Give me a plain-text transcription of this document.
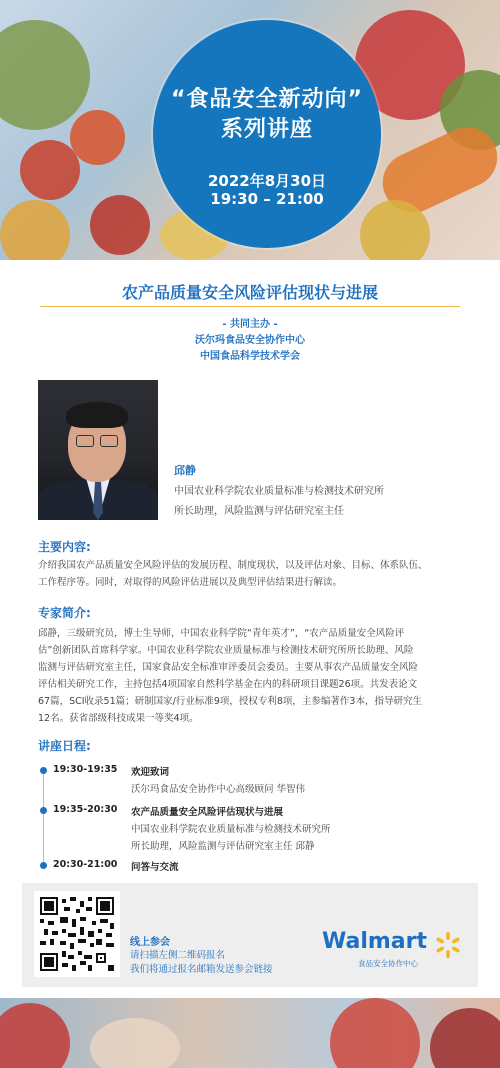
“食品安全新动向”
系列讲座
2022年8月30日
19:30 – 21:00
农产品质量安全风险评估现状与进展
- 共同主办 -
沃尔玛食品安全协作中心
中国食品科学技术学会
邱静
中国农业科学院农业质量标准与检测技术研究所
所长助理，风险监测与评估研究室主任
主要内容:
介绍我国农产品质量安全风险评估的发展历程、制度现状，以及评估对象、目标、体系队伍、
工作程序等。同时，对取得的风险评估进展以及典型评估结果进行解读。
专家简介:
邱静，三级研究员，博士生导师，中国农业科学院“青年英才”，“农产品质量安全风险评
估”创新团队首席科学家。中国农业科学院农业质量标准与检测技术研究所所长助理、风险
监测与评估研究室主任，国家食品安全标准审评委员会委员。主要从事农产品质量安全风险
评估相关研究工作，主持包括4项国家自然科学基金在内的科研项目课题26项。共发表论文
67篇，SCI收录51篇；研制国家/行业标准9项，授权专利8项，主参编著作3本，指导研究生
12名。获省部级科技成果一等奖4项。
讲座日程:
19:30-19:35 欢迎致词
沃尔玛食品安全协作中心高级顾问 华智伟
19:35-20:30 农产品质量安全风险评估现状与进展
中国农业科学院农业质量标准与检测技术研究所
所长助理，风险监测与评估研究室主任 邱静
20:30-21:00 问答与交流
线上参会
请扫描左侧二维码报名
我们将通过报名邮箱发送参会链接
Walmart
食品安全协作中心
